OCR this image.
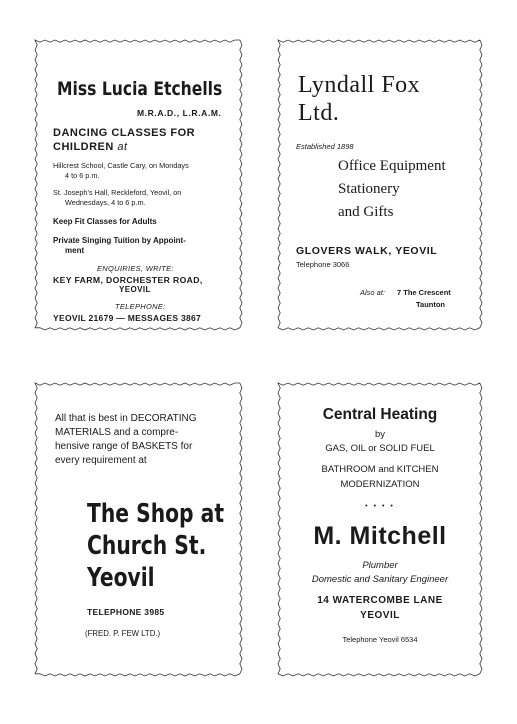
Miss Lucia Etchells
M.R.A.D., L.R.A.M.
DANCING CLASSES FOR
CHILDREN at
Hillcrest School, Castle Cary, on Mondays
4 to 6 p.m.
St. Joseph's Hall, Reckleford, Yeovil, on
Wednesdays, 4 to 6 p.m.
Keep Fit Classes for Adults
Private Singing Tuition by Appoint-
ment
ENQUIRIES, WRITE:
KEY FARM, DORCHESTER ROAD,
YEOVIL
TELEPHONE:
YEOVIL 21679 — MESSAGES 3867
Lyndall Fox
Ltd.
Established 1898
Office Equipment
Stationery
and Gifts
GLOVERS WALK, YEOVIL
Telephone 3066
Also at: 7 The Crescent
Taunton
All that is best in DECORATING
MATERIALS and a compre-
hensive range of BASKETS for
every requirement at
The Shop at
Church St.
Yeovil
TELEPHONE 3985
(FRED. P. FEW LTD.)
Central Heating
by
GAS, OIL or SOLID FUEL
BATHROOM and KITCHEN
MODERNIZATION
• • • •
M. Mitchell
Plumber
Domestic and Sanitary Engineer
14 WATERCOMBE LANE
YEOVIL
Telephone Yeovil 6534
